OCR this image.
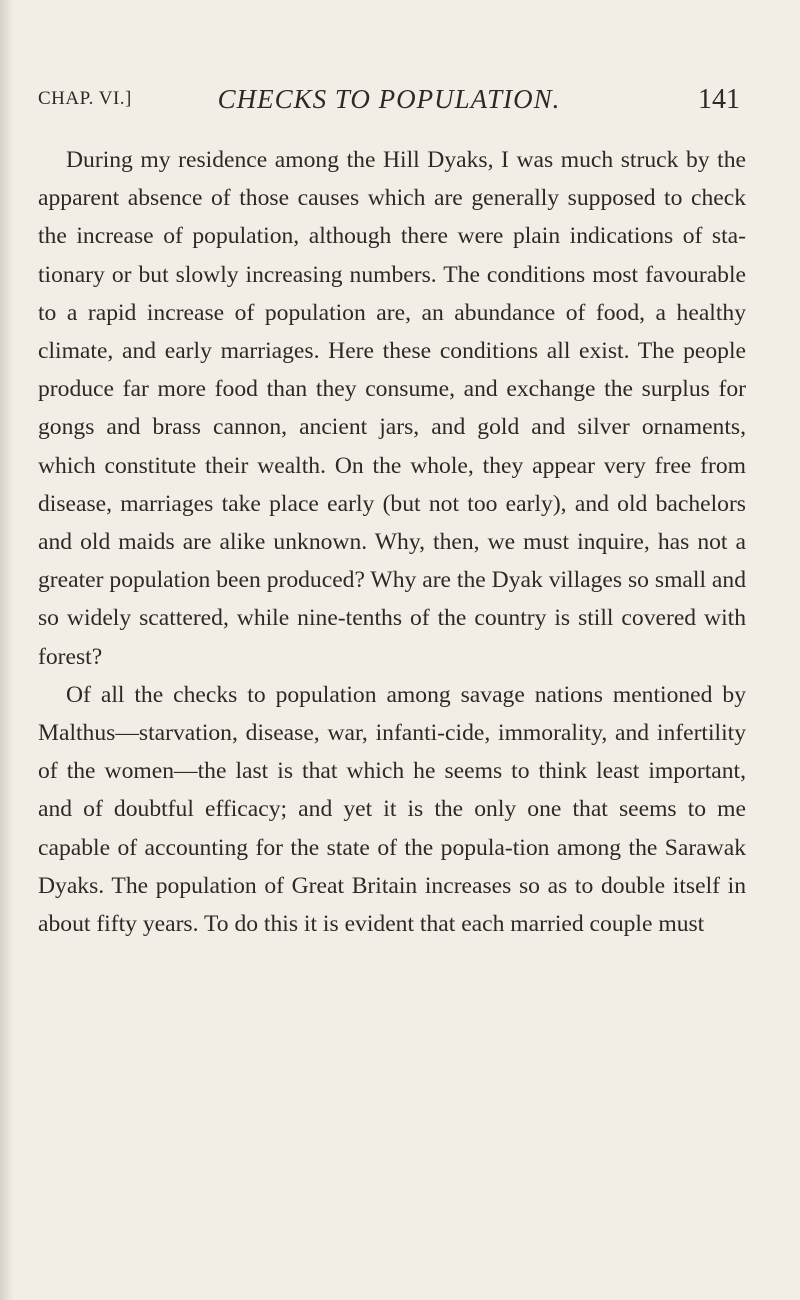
CHAP. VI.]	CHECKS TO POPULATION.	141

During my residence among the Hill Dyaks, I was much struck by the apparent absence of those causes which are generally supposed to check the increase of population, although there were plain indications of sta-tionary or but slowly increasing numbers. The conditions most favourable to a rapid increase of population are, an abundance of food, a healthy climate, and early marriages. Here these conditions all exist. The people produce far more food than they consume, and exchange the surplus for gongs and brass cannon, ancient jars, and gold and silver ornaments, which constitute their wealth. On the whole, they appear very free from disease, marriages take place early (but not too early), and old bachelors and old maids are alike unknown. Why, then, we must inquire, has not a greater population been produced? Why are the Dyak villages so small and so widely scattered, while nine-tenths of the country is still covered with forest?

Of all the checks to population among savage nations mentioned by Malthus—starvation, disease, war, infanti-cide, immorality, and infertility of the women—the last is that which he seems to think least important, and of doubtful efficacy; and yet it is the only one that seems to me capable of accounting for the state of the popula-tion among the Sarawak Dyaks. The population of Great Britain increases so as to double itself in about fifty years. To do this it is evident that each married couple must
